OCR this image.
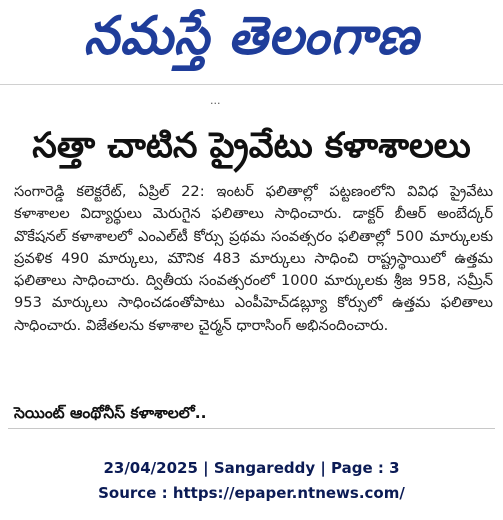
నమస్తే తెలంగాణ
...
సత్తా చాటిన ప్రైవేటు కళాశాలలు
సంగారెడ్డి కలెక్టరేట్, ఏప్రిల్ 22: ఇంటర్ ఫలితాల్లో పట్టణంలోని వివిధ ప్రైవేటు కళాశాలల విద్యార్థులు మెరుగైన ఫలితాలు సాధించారు. డాక్టర్ బీఆర్ అంబేద్కర్ వొకేషనల్ కళాశాలలో ఎంఎల్‌టీ కోర్సు ప్రథమ సంవత్సరం ఫలితాల్లో 500 మార్కులకు ప్రవళిక 490 మార్కులు, మౌనిక 483 మార్కులు సాధించి రాష్ట్రస్థాయిలో ఉత్తమ ఫలితాలు సాధించారు. ద్వితీయ సంవత్సరంలో 1000 మార్కులకు శ్రీజ 958, సమ్రీన్ 953 మార్కులు సాధించడంతోపాటు ఎంపీహెచ్‌డబ్ల్యూ కోర్సులో ఉత్తమ ఫలితాలు సాధించారు. విజేతలను కళాశాల చైర్మన్ ధారాసింగ్ అభినందించారు.
సెయింట్ ఆంథోనీస్ కళాశాలలో..
23/04/2025 | Sangareddy | Page : 3
Source : https://epaper.ntnews.com/
